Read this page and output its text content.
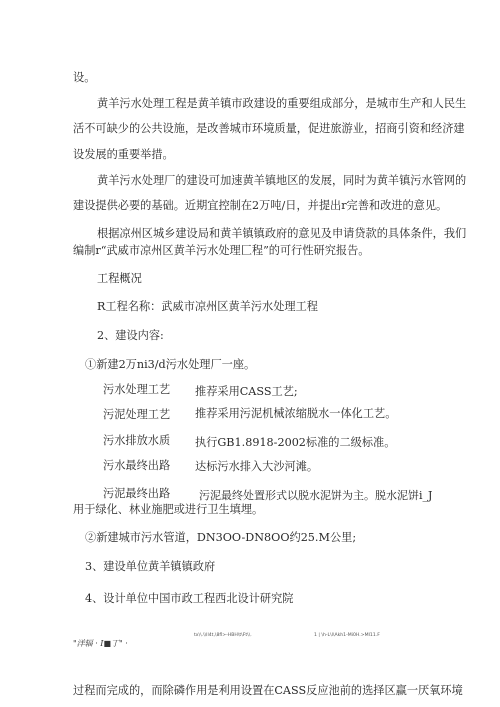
设。
黄羊污水处理工程是黄羊镇市政建设的重要组成部分，是城市生产和人民生
活不可缺少的公共设施，是改善城市环境质量，促进旅游业，招商引资和经济建
设发展的重要举措。
黄羊污水处理厂的建设可加速黄羊镇地区的发展，同时为黄羊镇污水管网的
建设提供必要的基础。近期宜控制在2万吨/日，并提出r完善和改进的意见。
根据凉州区城乡建设局和黄羊镇镇政府的意见及申请贷款的具体条件，我们
编制r“武威市凉州区黄羊污水处理匚程”的可行性研究报告。
工程概况
R工程名称：武威市凉州区黄羊污水处理工程
2、建设内容:
①新建2万ni3/d污水处理厂一座。
污水处理工艺 推荐采用CASS工艺;
污泥处理工艺 推荐采用污泥机械浓缩脱水一体化工艺。
污水排放水质 执行GB1.8918-2002标准的二级标准。
污水最终出路 达标污水排入大沙河滩。
污泥最终出路	污泥最终处置形式以脱水泥饼为主。脱水泥饼i_J
用于绿化、林业施肥或进行卫生填埋。
②新建城市污水管道，DN3OO-DN8OO约25.M公里;
3、建设单位黄羊镇镇政府
4、设计单位中国市政工程西北设计研究院
tx\\.\\ll4t,\8fl>-HBH\t\Ft\\.	1 | \h-L\l\Akh1-Mi0H.>MI11.F
"洋辐 · I■丁" ·
过程而完成的，而除磷作用是利用设置在CASS反应池前的选择区赢一厌氧环境
